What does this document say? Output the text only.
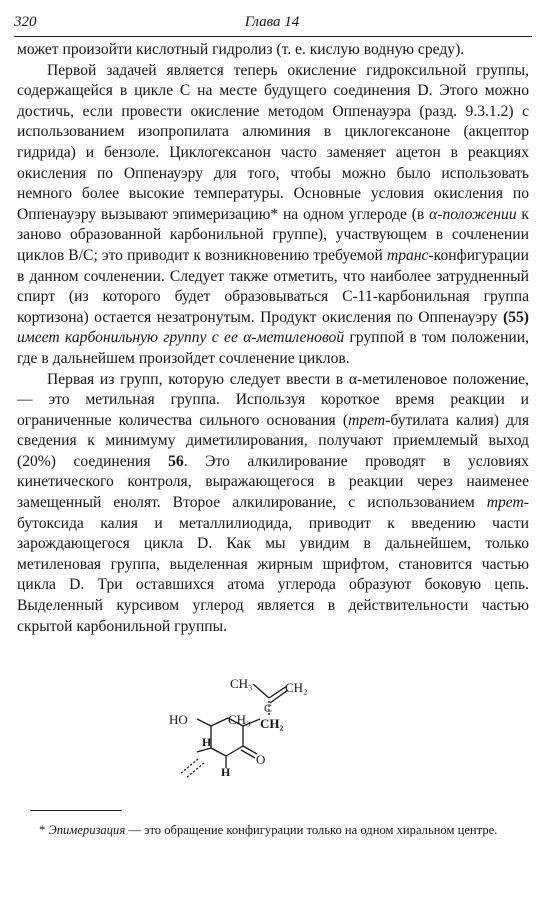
320	Глава 14

может произойти кислотный гидролиз (т. е. кислую водную среду).

Первой задачей является теперь окисление гидроксильной группы, содержащейся в цикле С на месте будущего соединения D. Этого можно достичь, если провести окисление методом Оппенауэра (разд. 9.3.1.2) с использованием изопропилата алюминия в циклогексаноне (акцептор гидрида) и бензоле. Циклогексанон часто заменяет ацетон в реакциях окисления по Оппенауэру для того, чтобы можно было использовать немного более высокие температуры. Основные условия окисления по Оппенауэру вызывают эпимеризацию* на одном углероде (в α-положении к заново образованной карбонильной группе), участвующем в сочленении циклов В/С; это приводит к возникновению требуемой транс-конфигурации в данном сочленении. Следует также отметить, что наиболее затрудненный спирт (из которого будет образовываться С-11-карбонильная группа кортизона) остается незатронутым. Продукт окисления по Оппенауэру (55) имеет карбонильную группу с ее α-метиленовой группой в том положении, где в дальнейшем произойдет сочленение циклов.

Первая из групп, которую следует ввести в α-метиленовое положение, — это метильная группа. Используя короткое время реакции и ограниченные количества сильного основания (трет-бутилата калия) для сведения к минимуму диметилирования, получают приемлемый выход (20%) соединения 56. Это алкилирование проводят в условиях кинетического контроля, выражающегося в реакции через наименее замещенный енолят. Второе алкилирование, с использованием трет-бутоксида калия и металлилиодида, приводит к введению части зарождающегося цикла D. Как мы увидим в дальнейшем, только метиленовая группа, выделенная жирным шрифтом, становится частью цикла D. Три оставшихся атома углерода образуют боковую цепь. Выделенный курсивом углерод является в действительности частью скрытой карбонильной группы.

CH₃ CH₂
C
CH₃ CH₂
HO
H
H
O
* Эпимеризация — это обращение конфигурации только на одном хиральном центре.
